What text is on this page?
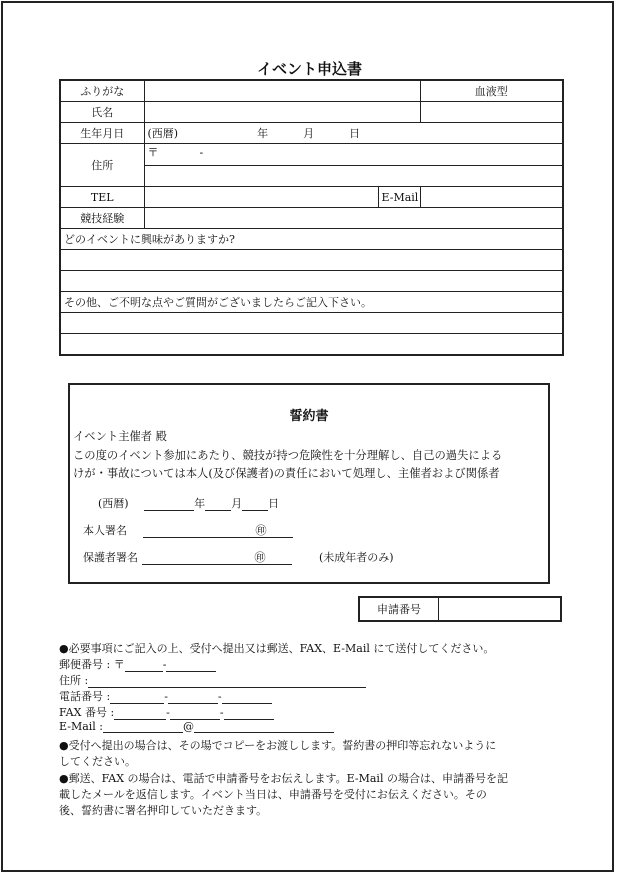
イベント申込書
ふりがな			血液型
氏名			
生年月日	(西暦) 年 月 日		
住所	〒 -		

TEL		E-Mail	
競技経験			
どのイベントに興味がありますか?			

その他、ご不明な点やご質問がございましたらご記入下さい。			

誓約書
イベント主催者 殿
この度のイベント参加にあたり、競技が持つ危険性を十分理解し、自己の過失による
けが・事故については本人(及び保護者)の責任において処理し、主催者および関係者
(西暦)	年 月 日
本人署名	㊞
保護者署名	㊞	(未成年者のみ)
申請番号
●必要事項にご記入の上、受付へ提出又は郵送、FAX、E-Mail にて送付してください。
郵便番号 : 〒	-
住所 :
電話番号 :	-	-
FAX 番号 :	-	-
E-Mail :	@
●受付へ提出の場合は、その場でコピーをお渡しします。誓約書の押印等忘れないように
してください。
●郵送、FAX の場合は、電話で申請番号をお伝えします。E-Mail の場合は、申請番号を記
載したメールを返信します。イベント当日は、申請番号を受付にお伝えください。その
後、誓約書に署名押印していただきます。
